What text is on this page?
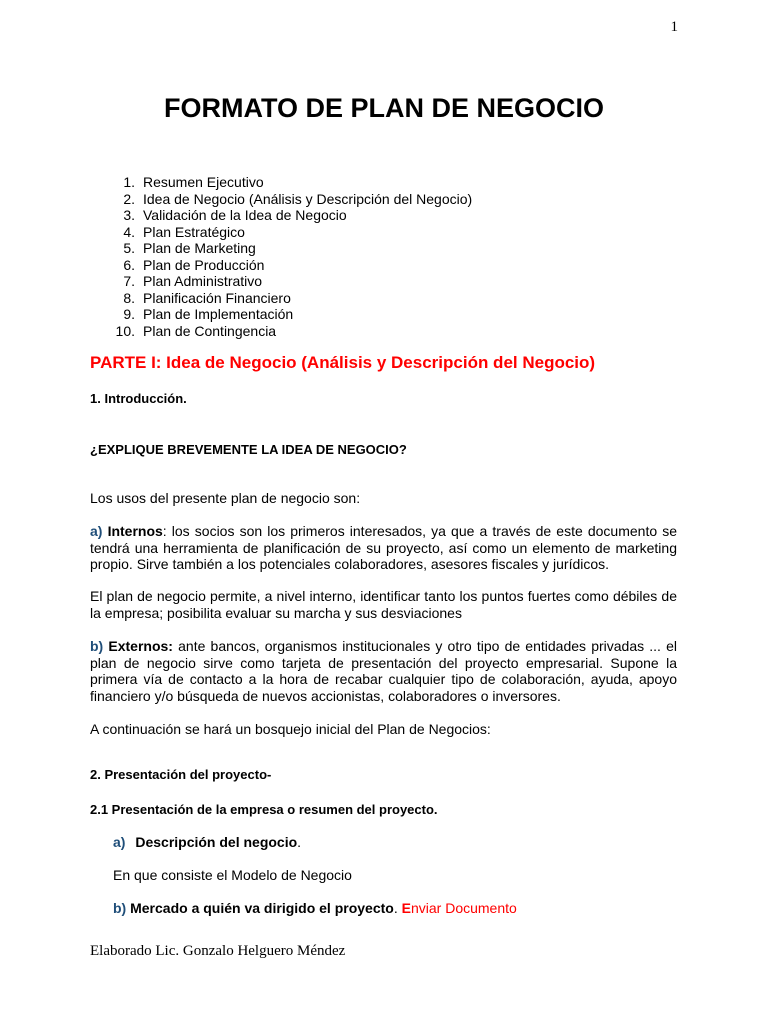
1
FORMATO DE PLAN DE NEGOCIO
1. Resumen Ejecutivo
2. Idea de Negocio (Análisis y Descripción del Negocio)
3. Validación de la Idea de Negocio
4. Plan Estratégico
5. Plan de Marketing
6. Plan de Producción
7. Plan Administrativo
8. Planificación Financiero
9. Plan de Implementación
10. Plan de Contingencia
PARTE I: Idea de Negocio (Análisis y Descripción del Negocio)
1. Introducción.
¿EXPLIQUE BREVEMENTE LA IDEA DE NEGOCIO?
Los usos del presente plan de negocio son:
a) Internos: los socios son los primeros interesados, ya que a través de este documento se tendrá una herramienta de planificación de su proyecto, así como un elemento de marketing propio. Sirve también a los potenciales colaboradores, asesores fiscales y jurídicos.
El plan de negocio permite, a nivel interno, identificar tanto los puntos fuertes como débiles de la empresa; posibilita evaluar su marcha y sus desviaciones
b) Externos: ante bancos, organismos institucionales y otro tipo de entidades privadas ... el plan de negocio sirve como tarjeta de presentación del proyecto empresarial. Supone la primera vía de contacto a la hora de recabar cualquier tipo de colaboración, ayuda, apoyo financiero y/o búsqueda de nuevos accionistas, colaboradores o inversores.
A continuación se hará un bosquejo inicial del Plan de Negocios:
2. Presentación del proyecto-
2.1 Presentación de la empresa o resumen del proyecto.
a) Descripción del negocio.
En que consiste el Modelo de Negocio
b) Mercado a quién va dirigido el proyecto. Enviar Documento
Elaborado Lic. Gonzalo Helguero Méndez
